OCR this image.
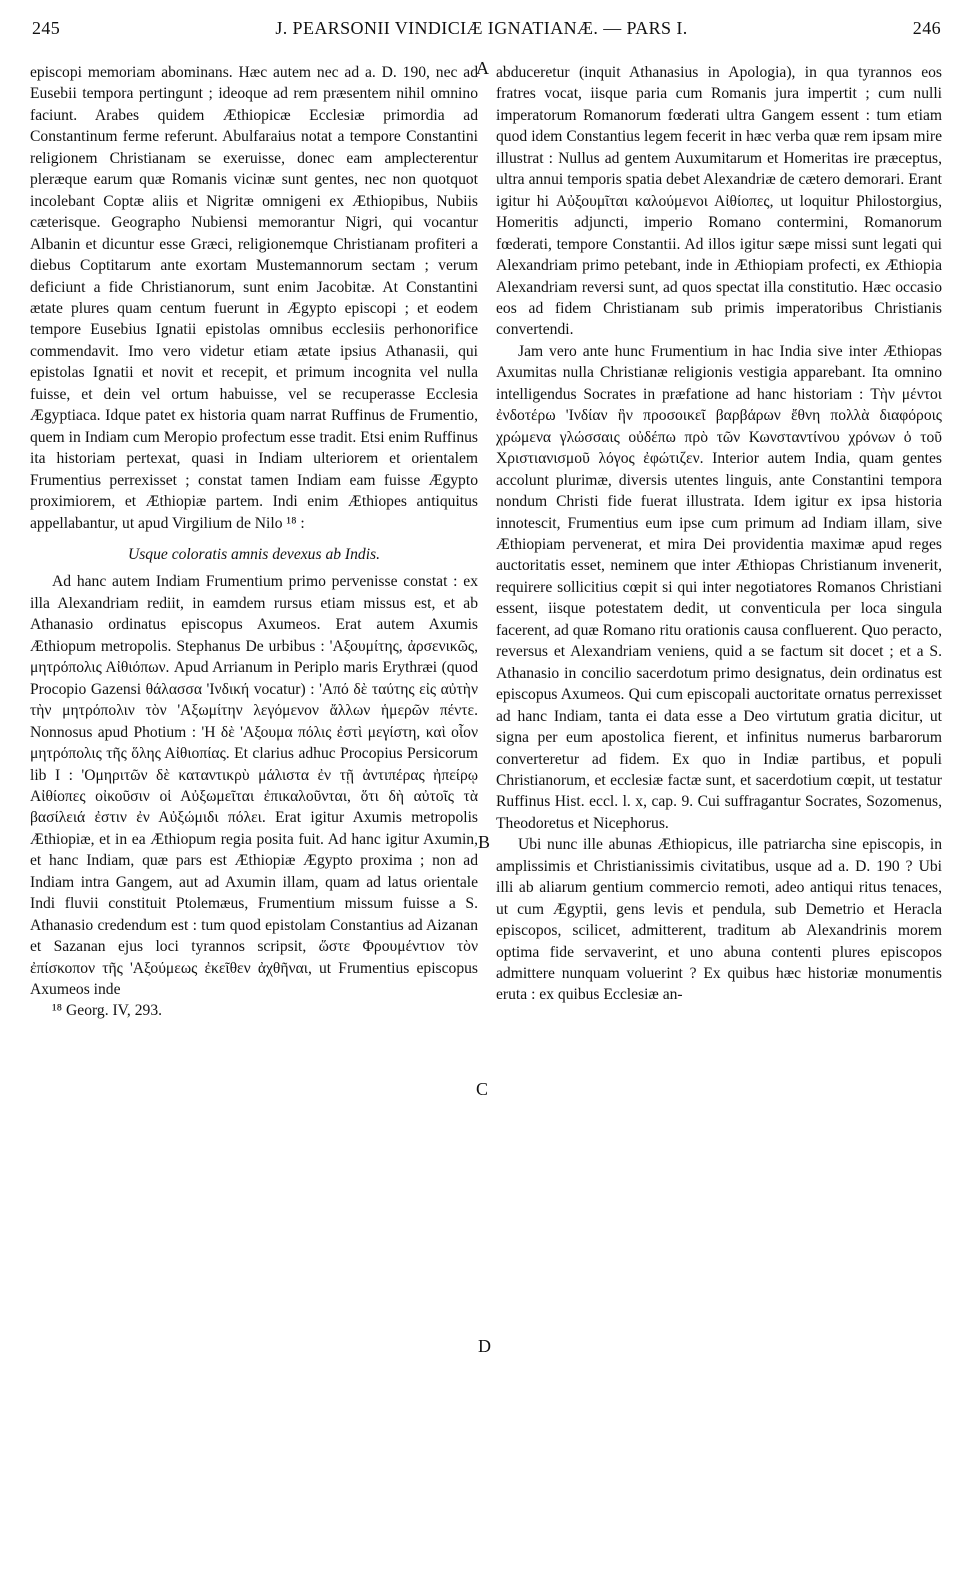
245	J. PEARSONII VINDICIÆ IGNATIANÆ. — PARS I.	246

episcopi memoriam abominans. Hæc autem nec ad a. D. 190, nec ad Eusebii tempora pertingunt ; ideoque ad rem præsentem nihil omnino faciunt. Arabes quidem Æthiopicæ Ecclesiæ primordia ad Constantinum ferme referunt. Abulfaraius notat a tempore Constantini religionem Christianam se exeruisse, donec eam amplecterentur pleræque earum quæ Romanis vicinæ sunt gentes, nec non quotquot incolebant Coptæ aliis et Nigritæ omnigeni ex Æthiopibus, Nubiis cæterisque. Geographo Nubiensi memorantur Nigri, qui vocantur Albanin et dicuntur esse Græci, religionemque Christianam profiteri a diebus Coptitarum ante exortam Mustemannorum sectam ; verum deficiunt a fide Christianorum, sunt enim Jacobitæ. At Constantini ætate plures quam centum fuerunt in Ægypto episcopi ; et eodem tempore Eusebius Ignatii epistolas omnibus ecclesiis perhonorifice commendavit. Imo vero videtur etiam ætate ipsius Athanasii, qui epistolas Ignatii et novit et recepit, et primum incognita vel nulla fuisse, et dein vel ortum habuisse, vel se recuperasse Ecclesia Ægyptiaca. Idque patet ex historia quam narrat Ruffinus de Frumentio, quem in Indiam cum Meropio profectum esse tradit. Etsi enim Ruffinus ita historiam pertexat, quasi in Indiam ulteriorem et orientalem Frumentius perrexisset ; constat tamen Indiam eam fuisse Ægypto proximiorem, et Æthiopiæ partem. Indi enim Æthiopes antiquitus appellabantur, ut apud Virgilium de Nilo ¹⁸ :

Usque coloratis amnis devexus ab Indis.

Ad hanc autem Indiam Frumentium primo pervenisse constat : ex illa Alexandriam rediit, in eamdem rursus etiam missus est, et ab Athanasio ordinatus episcopus Axumeos. Erat autem Axumis Æthiopum metropolis. Stephanus De urbibus : 'Αξουμίτης, ἀρσενικῶς, μητρόπολις Αἰθιόπων. Apud Arrianum in Periplo maris Erythræi (quod Procopio Gazensi θάλασσα 'Ινδική vocatur) : 'Από δὲ ταύτης εἰς αὐτὴν τὴν μητρόπολιν τὸν 'Αξωμίτην λεγόμενον ἄλλων ἡμερῶν πέντε. Nonnosus apud Photium : 'Η δὲ 'Αξουμα πόλις ἐστὶ μεγίστη, καὶ οἷον μητρόπολις τῆς ὅλης Αἰθιοπίας. Et clarius adhuc Procopius Persicorum lib I : 'Ομηριτῶν δὲ καταντικρὺ μάλιστα ἐν τῇ ἀντιπέρας ἠπείρῳ Αἰθίοπες οἰκοῦσιν οἱ Αὐξωμεῖται ἐπικαλοῦνται, ὅτι δὴ αὐτοῖς τὰ βασίλειά ἐστιν ἐν Αὐξώμιδι πόλει. Erat igitur Axumis metropolis Æthiopiæ, et in ea Æthiopum regia posita fuit. Ad hanc igitur Axumin, et hanc Indiam, quæ pars est Æthiopiæ Ægypto proxima ; non ad Indiam intra Gangem, aut ad Axumin illam, quam ad latus orientale Indi fluvii constituit Ptolemæus, Frumentium missum fuisse a S. Athanasio credendum est : tum quod epistolam Constantius ad Aizanan et Sazanan ejus loci tyrannos scripsit, ὥστε Φρουμέντιον τὸν ἐπίσκοπον τῆς 'Αξούμεως ἐκεῖθεν ἀχθῆναι, ut Frumentius episcopus Axumeos inde

¹⁸ Georg. IV, 293.

abduceretur (inquit Athanasius in Apologia), in qua tyrannos eos fratres vocat, iisque paria cum Romanis jura impertit ; cum nulli imperatorum Romanorum fœderati ultra Gangem essent : tum etiam quod idem Constantius legem fecerit in hæc verba quæ rem ipsam mire illustrat : Nullus ad gentem Auxumitarum et Homeritas ire præceptus, ultra annui temporis spatia debet Alexandriæ de cætero demorari. Erant igitur hi Αὐξουμῖται καλούμενοι Αἰθίοπες, ut loquitur Philostorgius, Homeritis adjuncti, imperio Romano contermini, Romanorum fœderati, tempore Constantii. Ad illos igitur sæpe missi sunt legati qui Alexandriam primo petebant, inde in Æthiopiam profecti, ex Æthiopia Alexandriam reversi sunt, ad quos spectat illa constitutio. Hæc occasio eos ad fidem Christianam sub primis imperatoribus Christianis convertendi.

Jam vero ante hunc Frumentium in hac India sive inter Æthiopas Axumitas nulla Christianæ religionis vestigia apparebant. Ita omnino intelligendus Socrates in præfatione ad hanc historiam : Τὴν μέντοι ἐνδοτέρω 'Ινδίαν ἣν προσοικεῖ βαρβάρων ἔθνη πολλὰ διαφόροις χρώμενα γλώσσαις οὐδέπω πρὸ τῶν Κωνσταντίνου χρόνων ὁ τοῦ Χριστιανισμοῦ λόγος ἐφώτιζεν. Interior autem India, quam gentes accolunt plurimæ, diversis utentes linguis, ante Constantini tempora nondum Christi fide fuerat illustrata. Idem igitur ex ipsa historia innotescit, Frumentius eum ipse cum primum ad Indiam illam, sive Æthiopiam pervenerat, et mira Dei providentia maximæ apud reges auctoritatis esset, neminem que inter Æthiopas Christianum invenerit, requirere sollicitius cœpit si qui inter negotiatores Romanos Christiani essent, iisque potestatem dedit, ut conventicula per loca singula facerent, ad quæ Romano ritu orationis causa confluerent. Quo peracto, reversus et Alexandriam veniens, quid a se factum sit docet ; et a S. Athanasio in concilio sacerdotum primo designatus, dein ordinatus est episcopus Axumeos. Qui cum episcopali auctoritate ornatus perrexisset ad hanc Indiam, tanta ei data esse a Deo virtutum gratia dicitur, ut signa per eum apostolica fierent, et infinitus numerus barbarorum converteretur ad fidem. Ex quo in Indiæ partibus, et populi Christianorum, et ecclesiæ factæ sunt, et sacerdotium cœpit, ut testatur Ruffinus Hist. eccl. l. x, cap. 9. Cui suffragantur Socrates, Sozomenus, Theodoretus et Nicephorus.

Ubi nunc ille abunas Æthiopicus, ille patriarcha sine episcopis, in amplissimis et Christianissimis civitatibus, usque ad a. D. 190 ? Ubi illi ab aliarum gentium commercio remoti, adeo antiqui ritus tenaces, ut cum Ægyptii, gens levis et pendula, sub Demetrio et Heracla episcopos, scilicet, admitterent, traditum ab Alexandrinis morem optima fide servaverint, et uno abuna contenti plures episcopos admittere nunquam voluerint ? Ex quibus hæc historiæ monumentis eruta : ex quibus Ecclesiæ an-

A
B
C
D
